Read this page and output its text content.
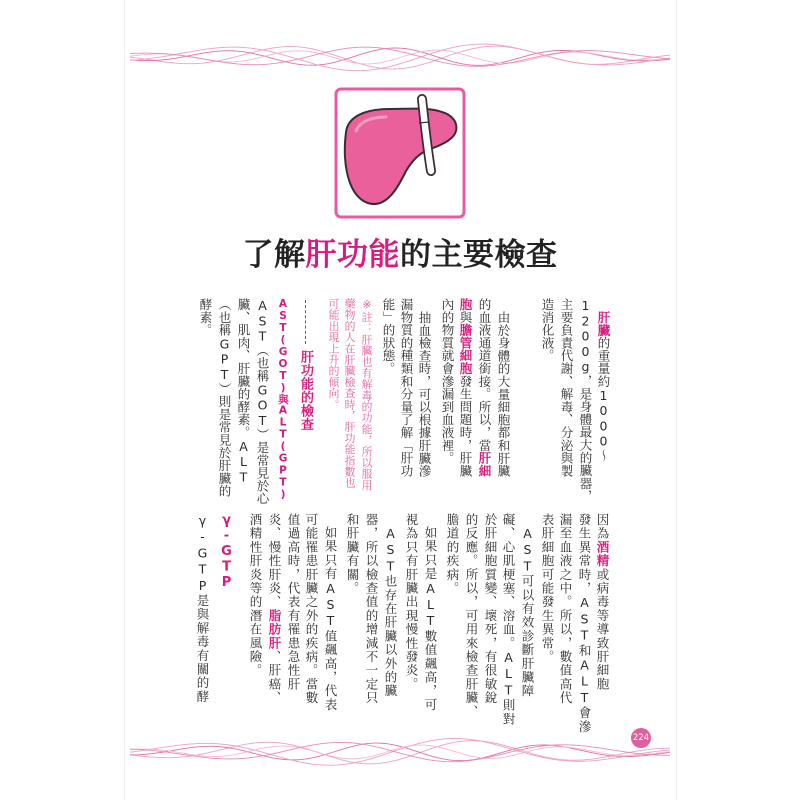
了解肝功能的主要檢查
肝臟的重量約1000～
1200g，是身體最大的臟器，
主要負責代謝、解毒、分泌與製
造消化液。
由於身體的大量細胞都和肝臟
的血液通道銜接。所以，當肝細
胞與膽管細胞發生問題時，肝臟
內的物質就會滲漏到血液裡。
抽血檢查時，可以根據肝臟滲
漏物質的種類和分量了解「肝功
能」的狀態。
※註：肝臟也有解毒的功能，所以服用
藥物的人在肝臟檢查時，肝功能指數也
可能出現上升的傾向。
肝功能的檢查
AST(GOT)與ALT(GPT)
AST（也稱GOT）是常見於心
臟、肌肉、肝臟的酵素。ALT
（也稱GPT）則是常見於肝臟的
酵素。
因為酒精或病毒等導致肝細胞
發生異常時，AST和ALT會滲
漏至血液之中。所以，數值高代
表肝細胞可能發生異常。
AST可以有效診斷肝臟障
礙、心肌梗塞、溶血。ALT則對
於肝細胞質變、壞死，有很敏銳
的反應。所以，可用來檢查肝臟、
膽道的疾病。
如果只是ALT數值飆高，可
視為只有肝臟出現慢性發炎。
AST也存在肝臟以外的臟
器，所以檢查值的增減不一定只
和肝臟有關。
如果只有AST值飆高，代表
可能罹患肝臟之外的疾病。當數
值過高時，代表有罹患急性肝
炎、慢性肝炎、脂肪肝、肝癌、
酒精性肝炎等的潛在風險。
γ-GTP
γ-GTP是與解毒有關的酵
224
